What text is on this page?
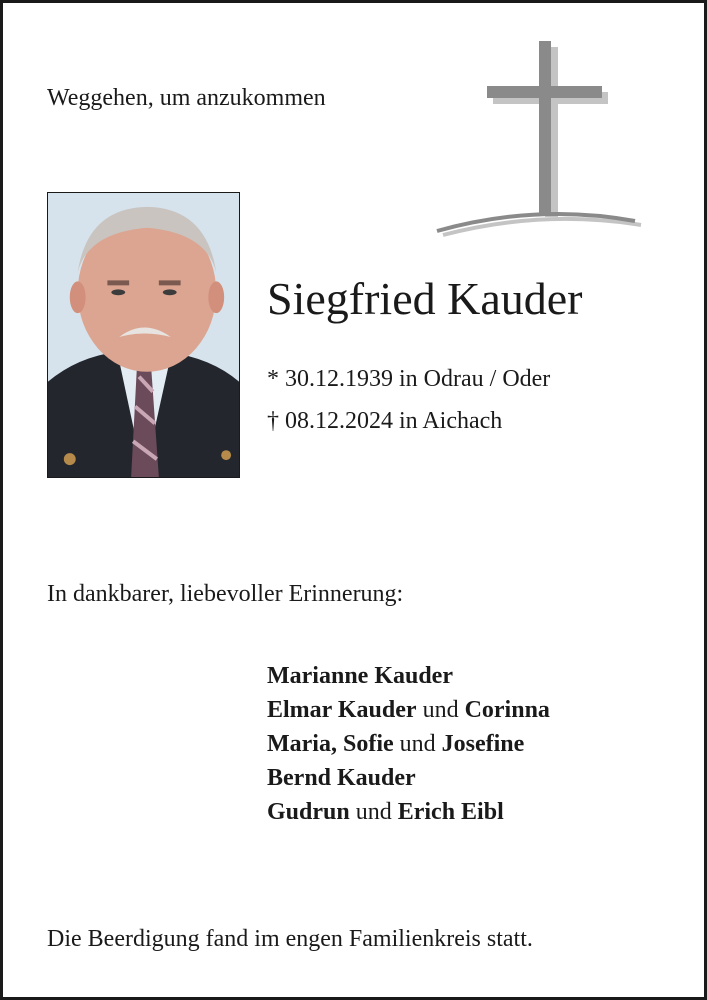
Weggehen, um anzukommen
Siegfried Kauder
* 30.12.1939 in Odrau / Oder
† 08.12.2024 in Aichach
In dankbarer, liebevoller Erinnerung:
Marianne Kauder
Elmar Kauder und Corinna
Maria, Sofie und Josefine
Bernd Kauder
Gudrun und Erich Eibl
Die Beerdigung fand im engen Familienkreis statt.
